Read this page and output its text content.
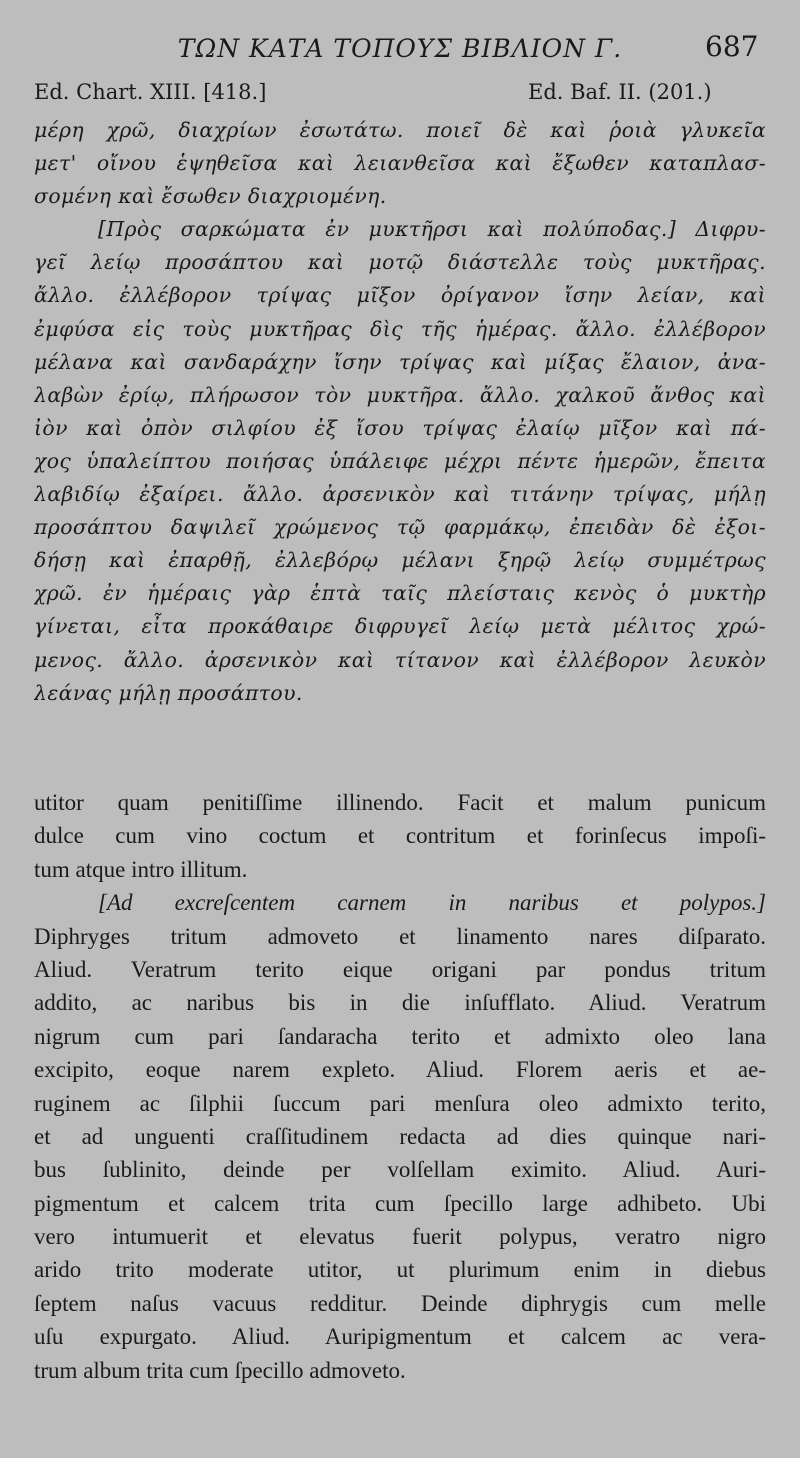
ΤΩΝ ΚΑΤΑ ΤΟΠΟΥΣ ΒΙΒΛΙΟΝ Γ.	687
Ed. Chart. XIII. [418.]	Ed. Baf. II. (201.)
μέρη χρῶ, διαχρίων ἐσωτάτω. ποιεῖ δὲ καὶ ῥοιὰ γλυκεῖα
μετ' οἴνου ἑψηθεῖσα καὶ λειανθεῖσα καὶ ἔξωθεν καταπλασ-
σομένη καὶ ἔσωθεν διαχριομένη.
[Πρὸς σαρκώματα ἐν μυκτῆρσι καὶ πολύποδας.] Διφρυ-
γεῖ λείῳ προσάπτου καὶ μοτῷ διάστελλε τοὺς μυκτῆρας.
ἄλλο. ἐλλέβορον τρίψας μῖξον ὀρίγανον ἴσην λείαν, καὶ
ἐμφύσα εἰς τοὺς μυκτῆρας δὶς τῆς ἡμέρας. ἄλλο. ἐλλέβορον
μέλανα καὶ σανδαράχην ἴσην τρίψας καὶ μίξας ἔλαιον, ἀνα-
λαβὼν ἐρίῳ, πλήρωσον τὸν μυκτῆρα. ἄλλο. χαλκοῦ ἄνθος καὶ
ἰὸν καὶ ὀπὸν σιλφίου ἐξ ἴσου τρίψας ἐλαίῳ μῖξον καὶ πά-
χος ὑπαλείπτου ποιήσας ὑπάλειφε μέχρι πέντε ἡμερῶν, ἔπειτα
λαβιδίῳ ἐξαίρει. ἄλλο. ἀρσενικὸν καὶ τιτάνην τρίψας, μήλῃ
προσάπτου δαψιλεῖ χρώμενος τῷ φαρμάκῳ, ἐπειδὰν δὲ ἐξοι-
δήσῃ καὶ ἐπαρθῇ, ἐλλεβόρῳ μέλανι ξηρῷ λείῳ συμμέτρως
χρῶ. ἐν ἡμέραις γὰρ ἑπτὰ ταῖς πλείσταις κενὸς ὁ μυκτὴρ
γίνεται, εἶτα προκάθαιρε διφρυγεῖ λείῳ μετὰ μέλιτος χρώ-
μενος. ἄλλο. ἀρσενικὸν καὶ τίτανον καὶ ἐλλέβορον λευκὸν
λεάνας μήλῃ προσάπτου.
utitor quam penitiſſime illinendo. Facit et malum punicum
dulce cum vino coctum et contritum et forinſecus impoſi-
tum atque intro illitum.
[Ad excreſcentem carnem in naribus et polypos.]
Diphryges tritum admoveto et linamento nares diſparato.
Aliud. Veratrum terito eique origani par pondus tritum
addito, ac naribus bis in die inſufflato. Aliud. Veratrum
nigrum cum pari ſandaracha terito et admixto oleo lana
excipito, eoque narem expleto. Aliud. Florem aeris et ae-
ruginem ac ſilphii ſuccum pari menſura oleo admixto terito,
et ad unguenti craſſitudinem redacta ad dies quinque nari-
bus ſublinito, deinde per volſellam eximito. Aliud. Auri-
pigmentum et calcem trita cum ſpecillo large adhibeto. Ubi
vero intumuerit et elevatus fuerit polypus, veratro nigro
arido trito moderate utitor, ut plurimum enim in diebus
ſeptem naſus vacuus redditur. Deinde diphrygis cum melle
uſu expurgato. Aliud. Auripigmentum et calcem ac vera-
trum album trita cum ſpecillo admoveto.
